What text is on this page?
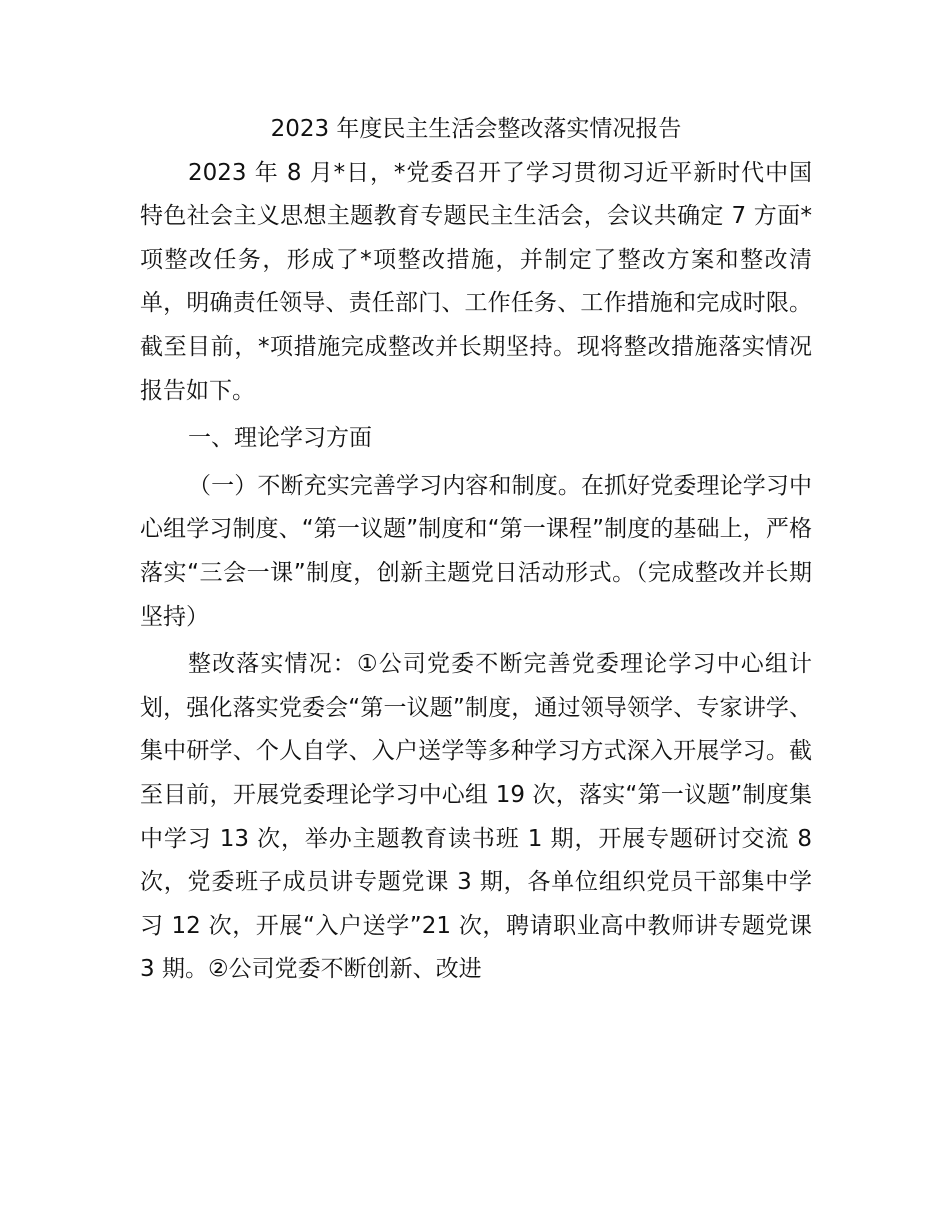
2023 年度民主生活会整改落实情况报告

2023 年 8 月*日，*党委召开了学习贯彻习近平新时代中国特色社会主义思想主题教育专题民主生活会，会议共确定 7 方面*项整改任务，形成了*项整改措施，并制定了整改方案和整改清单，明确责任领导、责任部门、工作任务、工作措施和完成时限。截至目前，*项措施完成整改并长期坚持。现将整改措施落实情况报告如下。

一、理论学习方面

（一）不断充实完善学习内容和制度。在抓好党委理论学习中心组学习制度、“第一议题”制度和“第一课程”制度的基础上，严格落实“三会一课”制度，创新主题党日活动形式。（完成整改并长期坚持）

整改落实情况：①公司党委不断完善党委理论学习中心组计划，强化落实党委会“第一议题”制度，通过领导领学、专家讲学、集中研学、个人自学、入户送学等多种学习方式深入开展学习。截至目前，开展党委理论学习中心组 19 次，落实“第一议题”制度集中学习 13 次，举办主题教育读书班 1 期，开展专题研讨交流 8 次，党委班子成员讲专题党课 3 期，各单位组织党员干部集中学习 12 次，开展“入户送学”21 次，聘请职业高中教师讲专题党课 3 期。②公司党委不断创新、改进
